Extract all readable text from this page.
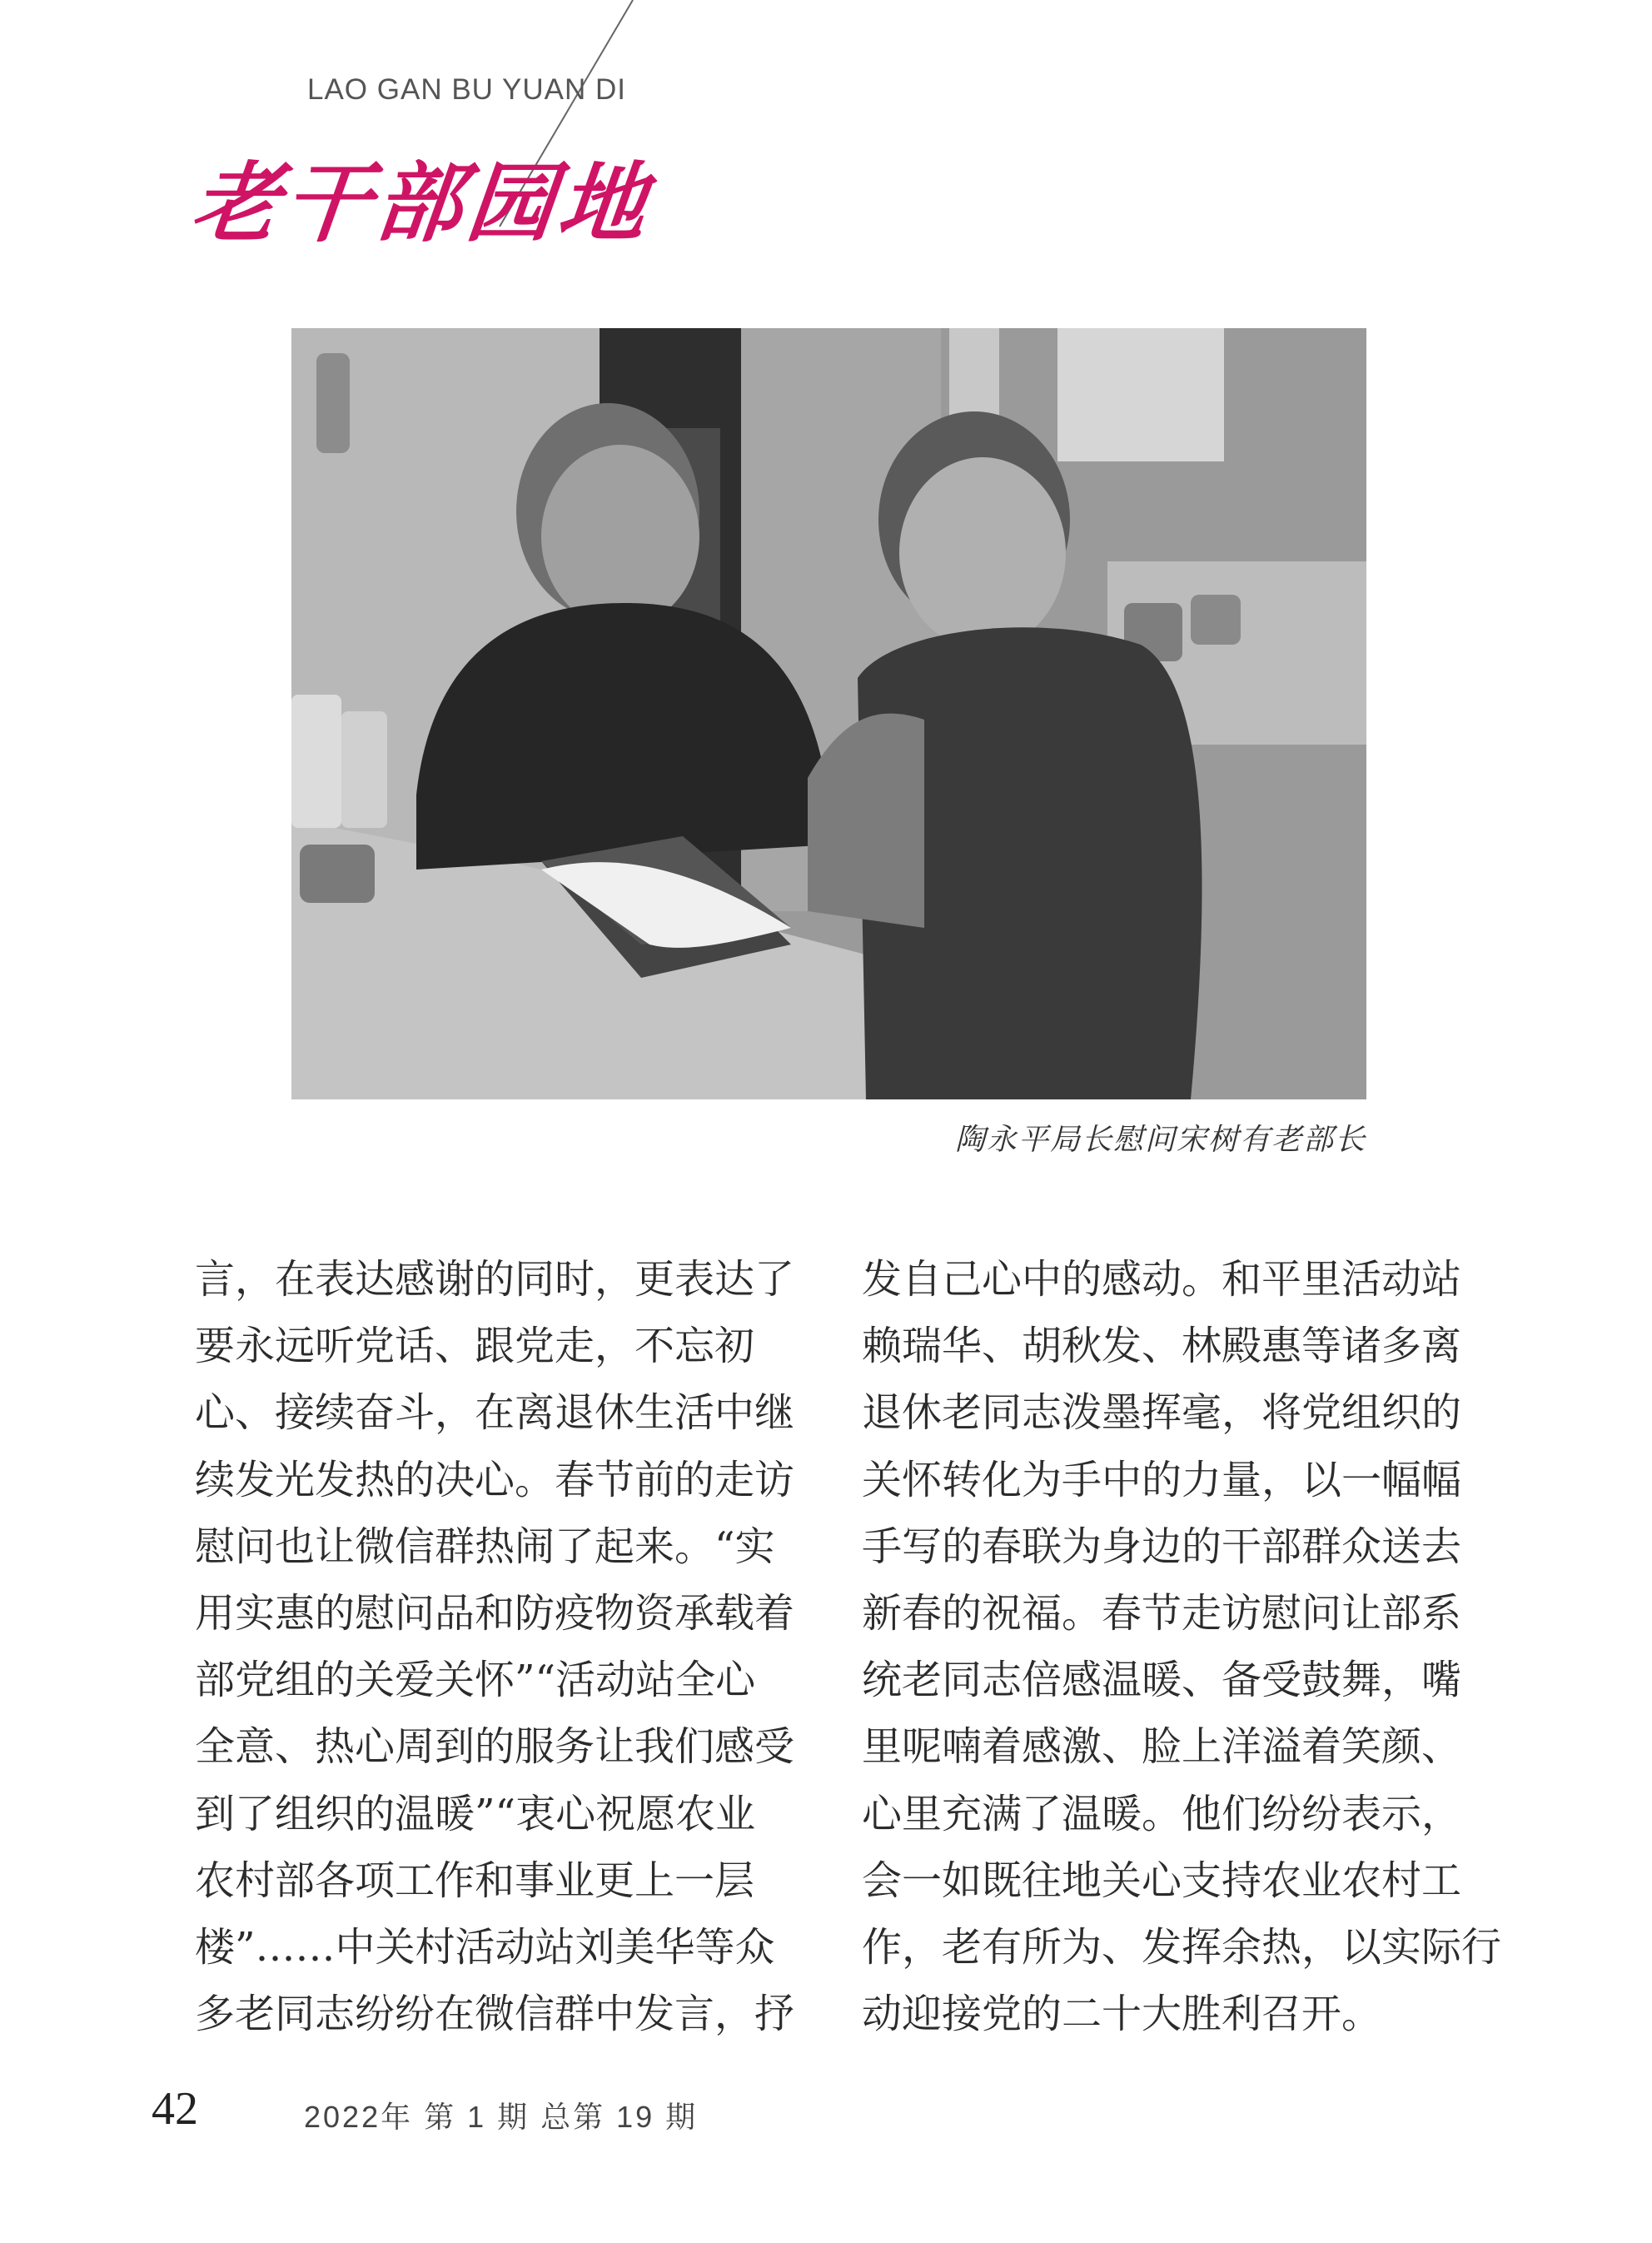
LAO GAN BU YUAN DI
老干部园地
陶永平局长慰问宋树有老部长
言，在表达感谢的同时，更表达了
要永远听党话、跟党走，不忘初
心、接续奋斗，在离退休生活中继
续发光发热的决心。春节前的走访
慰问也让微信群热闹了起来。“实
用实惠的慰问品和防疫物资承载着
部党组的关爱关怀”“活动站全心
全意、热心周到的服务让我们感受
到了组织的温暖”“衷心祝愿农业
农村部各项工作和事业更上一层
楼”……中关村活动站刘美华等众
多老同志纷纷在微信群中发言，抒
发自己心中的感动。和平里活动站
赖瑞华、胡秋发、林殿惠等诸多离
退休老同志泼墨挥毫，将党组织的
关怀转化为手中的力量，以一幅幅
手写的春联为身边的干部群众送去
新春的祝福。春节走访慰问让部系
统老同志倍感温暖、备受鼓舞，嘴
里呢喃着感激、脸上洋溢着笑颜、
心里充满了温暖。他们纷纷表示，
会一如既往地关心支持农业农村工
作，老有所为、发挥余热，以实际行
动迎接党的二十大胜利召开。
42	2022年 第 1 期 总第 19 期
